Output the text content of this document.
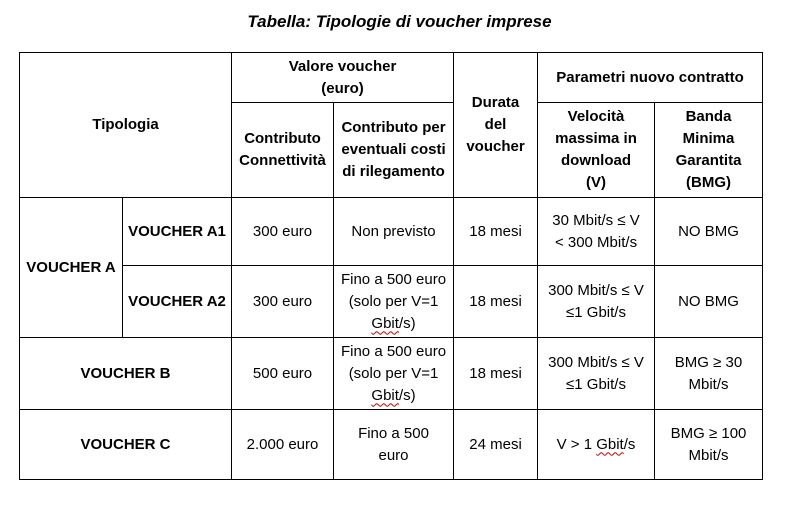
Tabella: Tipologie di voucher imprese
Tipologia		Valore voucher (euro)		Durata del voucher	Parametri nuovo contratto	
		Contributo Connettività	Contributo per eventuali costi di rilegamento		Velocità massima in download (V)	Banda Minima Garantita (BMG)
VOUCHER A	VOUCHER A1	300 euro	Non previsto	18 mesi	30 Mbit/s ≤ V < 300 Mbit/s	NO BMG
	VOUCHER A2	300 euro	Fino a 500 euro (solo per V=1 Gbit/s)	18 mesi	300 Mbit/s ≤ V ≤1 Gbit/s	NO BMG
VOUCHER B		500 euro	Fino a 500 euro (solo per V=1 Gbit/s)	18 mesi	300 Mbit/s ≤ V ≤1 Gbit/s	BMG ≥ 30 Mbit/s
VOUCHER C		2.000 euro	Fino a 500 euro	24 mesi	V > 1 Gbit/s	BMG ≥ 100 Mbit/s
